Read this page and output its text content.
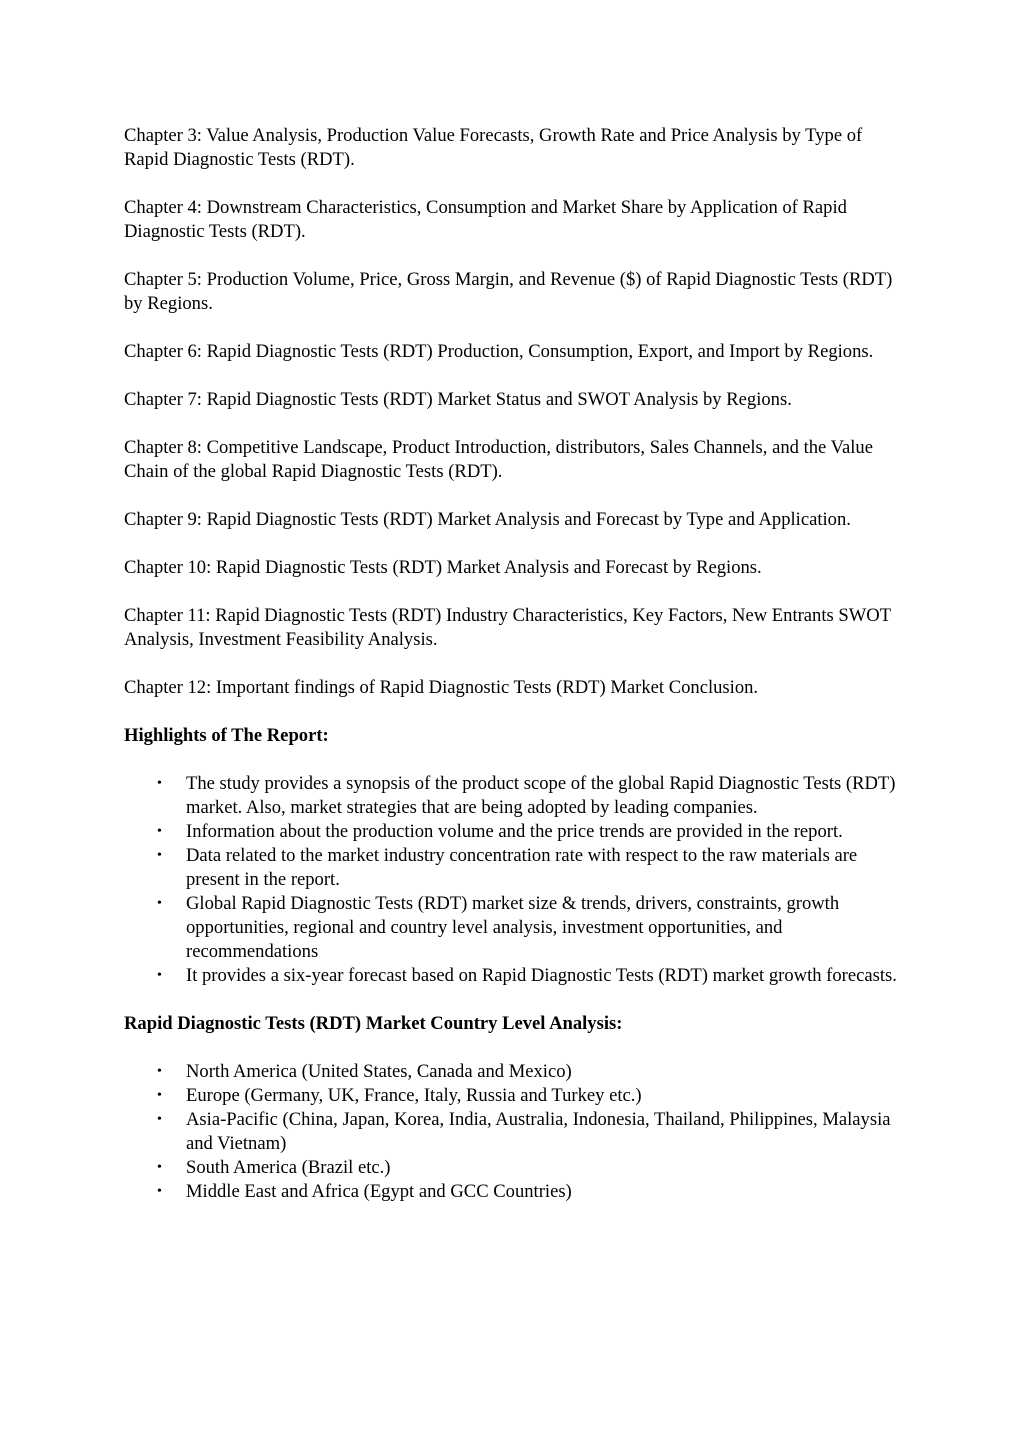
Chapter 3: Value Analysis, Production Value Forecasts, Growth Rate and Price Analysis by Type of Rapid Diagnostic Tests (RDT).

Chapter 4: Downstream Characteristics, Consumption and Market Share by Application of Rapid Diagnostic Tests (RDT).

Chapter 5: Production Volume, Price, Gross Margin, and Revenue ($) of Rapid Diagnostic Tests (RDT) by Regions.

Chapter 6: Rapid Diagnostic Tests (RDT) Production, Consumption, Export, and Import by Regions.

Chapter 7: Rapid Diagnostic Tests (RDT) Market Status and SWOT Analysis by Regions.

Chapter 8: Competitive Landscape, Product Introduction, distributors, Sales Channels, and the Value Chain of the global Rapid Diagnostic Tests (RDT).

Chapter 9: Rapid Diagnostic Tests (RDT) Market Analysis and Forecast by Type and Application.

Chapter 10: Rapid Diagnostic Tests (RDT) Market Analysis and Forecast by Regions.

Chapter 11: Rapid Diagnostic Tests (RDT) Industry Characteristics, Key Factors, New Entrants SWOT Analysis, Investment Feasibility Analysis.

Chapter 12: Important findings of Rapid Diagnostic Tests (RDT) Market Conclusion.

Highlights of The Report:

• The study provides a synopsis of the product scope of the global Rapid Diagnostic Tests (RDT) market. Also, market strategies that are being adopted by leading companies.
• Information about the production volume and the price trends are provided in the report.
• Data related to the market industry concentration rate with respect to the raw materials are present in the report.
• Global Rapid Diagnostic Tests (RDT) market size & trends, drivers, constraints, growth opportunities, regional and country level analysis, investment opportunities, and recommendations
• It provides a six-year forecast based on Rapid Diagnostic Tests (RDT) market growth forecasts.

Rapid Diagnostic Tests (RDT) Market Country Level Analysis:

• North America (United States, Canada and Mexico)
• Europe (Germany, UK, France, Italy, Russia and Turkey etc.)
• Asia-Pacific (China, Japan, Korea, India, Australia, Indonesia, Thailand, Philippines, Malaysia and Vietnam)
• South America (Brazil etc.)
• Middle East and Africa (Egypt and GCC Countries)
